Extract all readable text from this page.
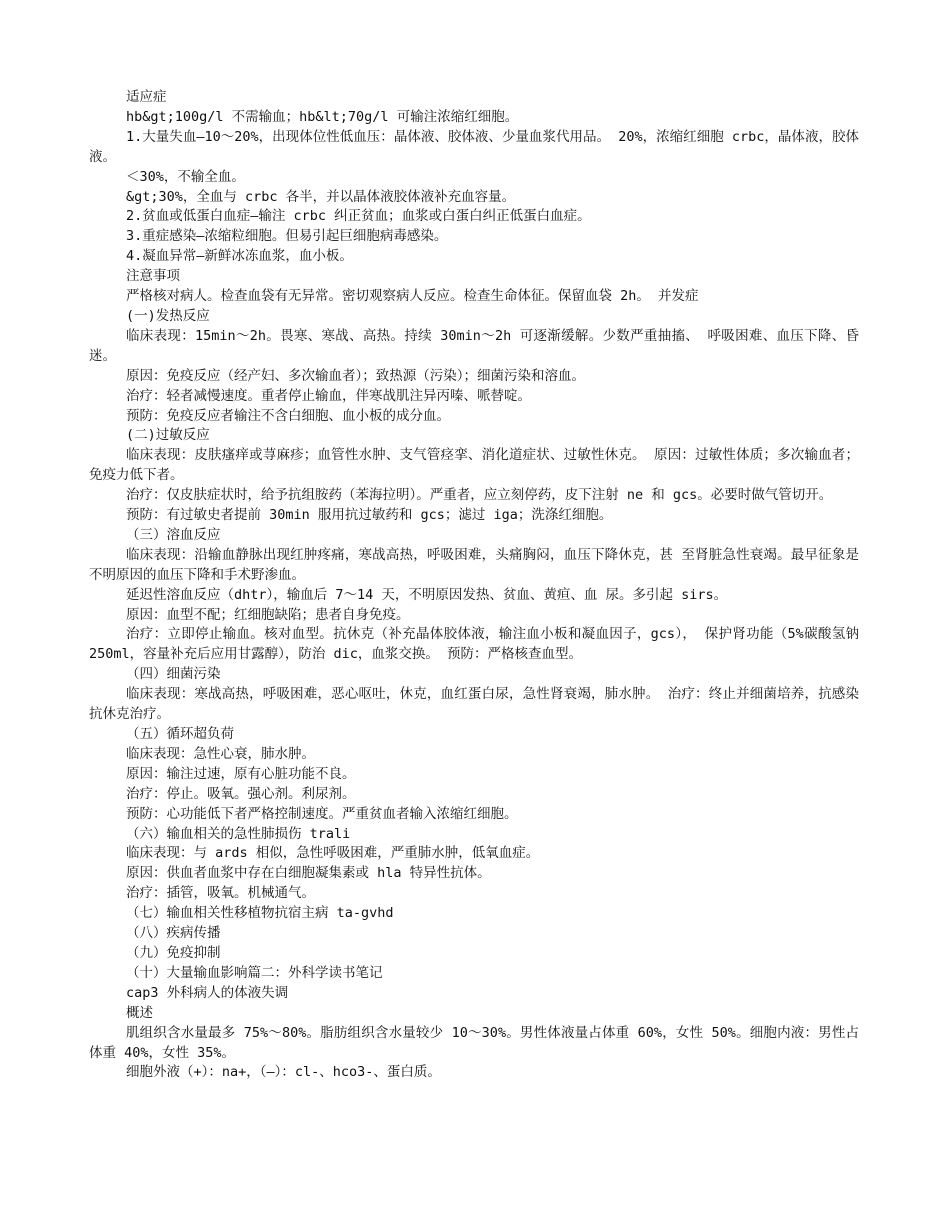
适应症

hb&gt;100g/l 不需输血；hb&lt;70g/l 可输注浓缩红细胞。

1.大量失血—10～20%，出现体位性低血压：晶体液、胶体液、少量血浆代用品。 20%，浓缩红细胞 crbc，晶体液，胶体液。

＜30%，不输全血。

&gt;30%，全血与 crbc 各半，并以晶体液胶体液补充血容量。

2.贫血或低蛋白血症—输注 crbc 纠正贫血；血浆或白蛋白纠正低蛋白血症。

3.重症感染—浓缩粒细胞。但易引起巨细胞病毒感染。

4.凝血异常—新鲜冰冻血浆，血小板。

注意事项

严格核对病人。检查血袋有无异常。密切观察病人反应。检查生命体征。保留血袋 2h。 并发症

(一)发热反应

临床表现：15min～2h。畏寒、寒战、高热。持续 30min～2h 可逐渐缓解。少数严重抽搐、 呼吸困难、血压下降、昏迷。

原因：免疫反应（经产妇、多次输血者）；致热源（污染）；细菌污染和溶血。

治疗：轻者减慢速度。重者停止输血，伴寒战肌注异丙嗪、哌替啶。

预防：免疫反应者输注不含白细胞、血小板的成分血。

(二)过敏反应

临床表现：皮肤瘙痒或荨麻疹；血管性水肿、支气管痉挛、消化道症状、过敏性休克。 原因：过敏性体质；多次输血者；免疫力低下者。

治疗：仅皮肤症状时，给予抗组胺药（苯海拉明）。严重者，应立刻停药，皮下注射 ne 和 gcs。必要时做气管切开。

预防：有过敏史者提前 30min 服用抗过敏药和 gcs；滤过 iga；洗涤红细胞。

（三）溶血反应

临床表现：沿输血静脉出现红肿疼痛，寒战高热，呼吸困难，头痛胸闷，血压下降休克，甚 至肾脏急性衰竭。最早征象是不明原因的血压下降和手术野渗血。

延迟性溶血反应（dhtr），输血后 7～14 天，不明原因发热、贫血、黄疸、血 尿。多引起 sirs。

原因：血型不配；红细胞缺陷；患者自身免疫。

治疗：立即停止输血。核对血型。抗休克（补充晶体胶体液，输注血小板和凝血因子，gcs）， 保护肾功能（5%碳酸氢钠 250ml，容量补充后应用甘露醇），防治 dic，血浆交换。 预防：严格核查血型。

（四）细菌污染

临床表现：寒战高热，呼吸困难，恶心呕吐，休克，血红蛋白尿，急性肾衰竭，肺水肿。 治疗：终止并细菌培养，抗感染抗休克治疗。

（五）循环超负荷

临床表现：急性心衰，肺水肿。

原因：输注过速，原有心脏功能不良。

治疗：停止。吸氧。强心剂。利尿剂。

预防：心功能低下者严格控制速度。严重贫血者输入浓缩红细胞。

（六）输血相关的急性肺损伤 trali

临床表现：与 ards 相似，急性呼吸困难，严重肺水肿，低氧血症。

原因：供血者血浆中存在白细胞凝集素或 hla 特异性抗体。

治疗：插管，吸氧。机械通气。

（七）输血相关性移植物抗宿主病 ta-gvhd

（八）疾病传播

（九）免疫抑制

（十）大量输血影响篇二：外科学读书笔记

cap3 外科病人的体液失调

概述

肌组织含水量最多 75%～80%。脂肪组织含水量较少 10～30%。男性体液量占体重 60%，女性 50%。细胞内液：男性占体重 40%，女性 35%。

细胞外液（+）：na+，（—）：cl-、hco3-、蛋白质。
